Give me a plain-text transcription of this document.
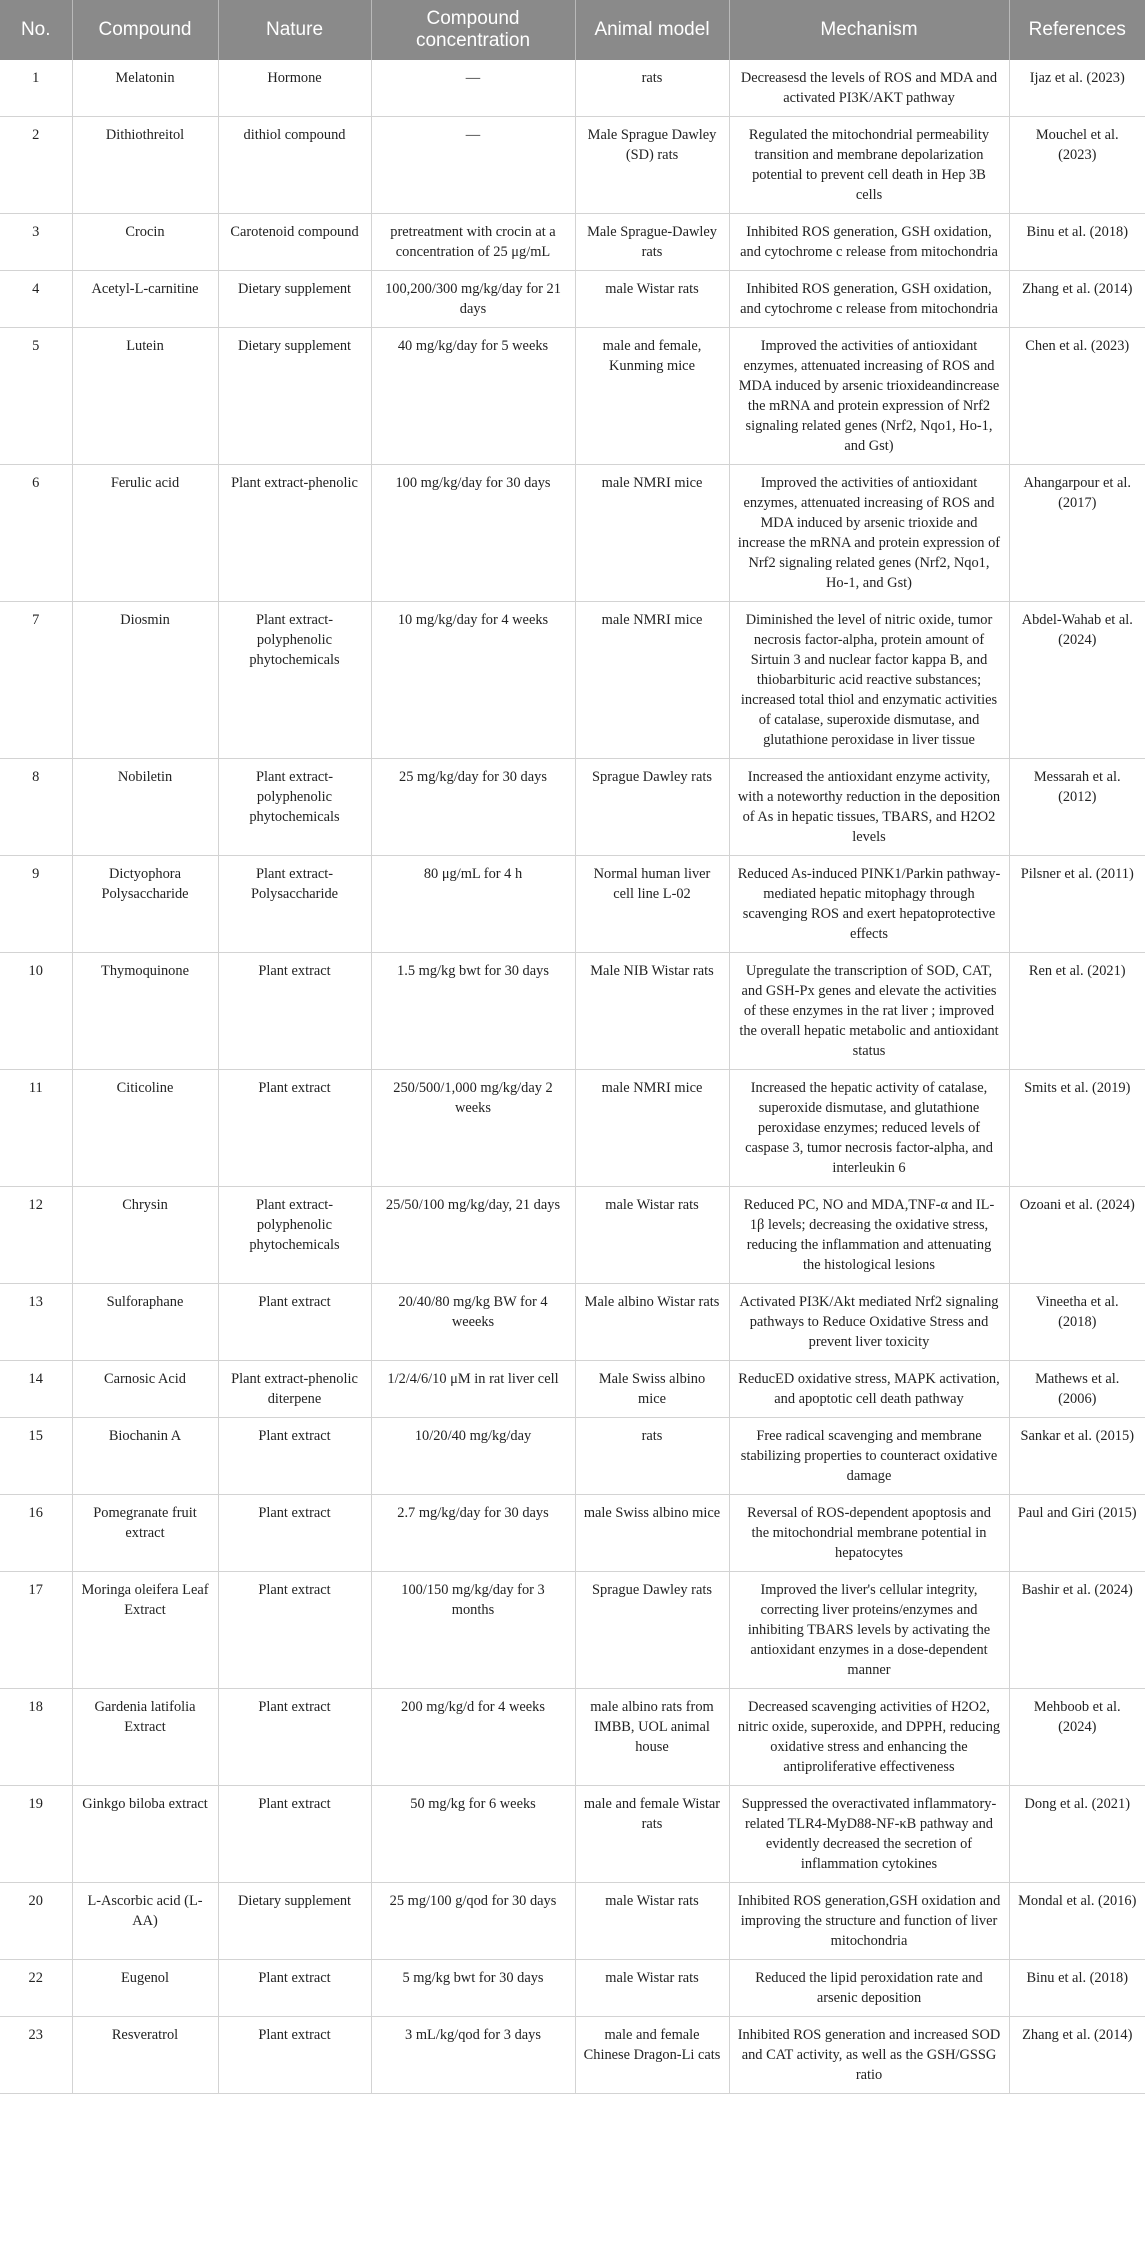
No.	Compound	Nature	Compound concentration	Animal model	Mechanism	References
1	Melatonin	Hormone	—	rats	Decreasesd the levels of ROS and MDA and activated PI3K/AKT pathway	Ijaz et al. (2023)
2	Dithiothreitol	dithiol compound	—	Male Sprague Dawley (SD) rats	Regulated the mitochondrial permeability transition and membrane depolarization potential to prevent cell death in Hep 3B cells	Mouchel et al. (2023)
3	Crocin	Carotenoid compound	pretreatment with crocin at a concentration of 25 μg/mL	Male Sprague-Dawley rats	Inhibited ROS generation, GSH oxidation, and cytochrome c release from mitochondria	Binu et al. (2018)
4	Acetyl-L-carnitine	Dietary supplement	100,200/300 mg/kg/day for 21 days	male Wistar rats	Inhibited ROS generation, GSH oxidation, and cytochrome c release from mitochondria	Zhang et al. (2014)
5	Lutein	Dietary supplement	40 mg/kg/day for 5 weeks	male and female, Kunming mice	Improved the activities of antioxidant enzymes, attenuated increasing of ROS and MDA induced by arsenic trioxideandincrease the mRNA and protein expression of Nrf2 signaling related genes (Nrf2, Nqo1, Ho-1, and Gst)	Chen et al. (2023)
6	Ferulic acid	Plant extract-phenolic	100 mg/kg/day for 30 days	male NMRI mice	Improved the activities of antioxidant enzymes, attenuated increasing of ROS and MDA induced by arsenic trioxide and increase the mRNA and protein expression of Nrf2 signaling related genes (Nrf2, Nqo1, Ho-1, and Gst)	Ahangarpour et al. (2017)
7	Diosmin	Plant extract-polyphenolic phytochemicals	10 mg/kg/day for 4 weeks	male NMRI mice	Diminished the level of nitric oxide, tumor necrosis factor-alpha, protein amount of Sirtuin 3 and nuclear factor kappa B, and thiobarbituric acid reactive substances; increased total thiol and enzymatic activities of catalase, superoxide dismutase, and glutathione peroxidase in liver tissue	Abdel-Wahab et al. (2024)
8	Nobiletin	Plant extract-polyphenolic phytochemicals	25 mg/kg/day for 30 days	Sprague Dawley rats	Increased the antioxidant enzyme activity, with a noteworthy reduction in the deposition of As in hepatic tissues, TBARS, and H2O2 levels	Messarah et al. (2012)
9	Dictyophora Polysaccharide	Plant extract-Polysaccharide	80 μg/mL for 4 h	Normal human liver cell line L-02	Reduced As-induced PINK1/Parkin pathway-mediated hepatic mitophagy through scavenging ROS and exert hepatoprotective effects	Pilsner et al. (2011)
10	Thymoquinone	Plant extract	1.5 mg/kg bwt for 30 days	Male NIB Wistar rats	Upregulate the transcription of SOD, CAT, and GSH-Px genes and elevate the activities of these enzymes in the rat liver ; improved the overall hepatic metabolic and antioxidant status	Ren et al. (2021)
11	Citicoline	Plant extract	250/500/1,000 mg/kg/day 2 weeks	male NMRI mice	Increased the hepatic activity of catalase, superoxide dismutase, and glutathione peroxidase enzymes; reduced levels of caspase 3, tumor necrosis factor-alpha, and interleukin 6	Smits et al. (2019)
12	Chrysin	Plant extract-polyphenolic phytochemicals	25/50/100 mg/kg/day, 21 days	male Wistar rats	Reduced PC, NO and MDA,TNF-α and IL-1β levels; decreasing the oxidative stress, reducing the inflammation and attenuating the histological lesions	Ozoani et al. (2024)
13	Sulforaphane	Plant extract	20/40/80 mg/kg BW for 4 weeeks	Male albino Wistar rats	Activated PI3K/Akt mediated Nrf2 signaling pathways to Reduce Oxidative Stress and prevent liver toxicity	Vineetha et al. (2018)
14	Carnosic Acid	Plant extract-phenolic diterpene	1/2/4/6/10 μM in rat liver cell	Male Swiss albino mice	ReducED oxidative stress, MAPK activation, and apoptotic cell death pathway	Mathews et al. (2006)
15	Biochanin A	Plant extract	10/20/40 mg/kg/day	rats	Free radical scavenging and membrane stabilizing properties to counteract oxidative damage	Sankar et al. (2015)
16	Pomegranate fruit extract	Plant extract	2.7 mg/kg/day for 30 days	male Swiss albino mice	Reversal of ROS-dependent apoptosis and the mitochondrial membrane potential in hepatocytes	Paul and Giri (2015)
17	Moringa oleifera Leaf Extract	Plant extract	100/150 mg/kg/day for 3 months	Sprague Dawley rats	Improved the liver's cellular integrity, correcting liver proteins/enzymes and inhibiting TBARS levels by activating the antioxidant enzymes in a dose-dependent manner	Bashir et al. (2024)
18	Gardenia latifolia Extract	Plant extract	200 mg/kg/d for 4 weeks	male albino rats from IMBB, UOL animal house	Decreased scavenging activities of H2O2, nitric oxide, superoxide, and DPPH, reducing oxidative stress and enhancing the antiproliferative effectiveness	Mehboob et al. (2024)
19	Ginkgo biloba extract	Plant extract	50 mg/kg for 6 weeks	male and female Wistar rats	Suppressed the overactivated inflammatory-related TLR4-MyD88-NF-κB pathway and evidently decreased the secretion of inflammation cytokines	Dong et al. (2021)
20	L-Ascorbic acid (L-AA)	Dietary supplement	25 mg/100 g/qod for 30 days	male Wistar rats	Inhibited ROS generation,GSH oxidation and improving the structure and function of liver mitochondria	Mondal et al. (2016)
22	Eugenol	Plant extract	5 mg/kg bwt for 30 days	male Wistar rats	Reduced the lipid peroxidation rate and arsenic deposition	Binu et al. (2018)
23	Resveratrol	Plant extract	3 mL/kg/qod for 3 days	male and female Chinese Dragon-Li cats	Inhibited ROS generation and increased SOD and CAT activity, as well as the GSH/GSSG ratio	Zhang et al. (2014)
